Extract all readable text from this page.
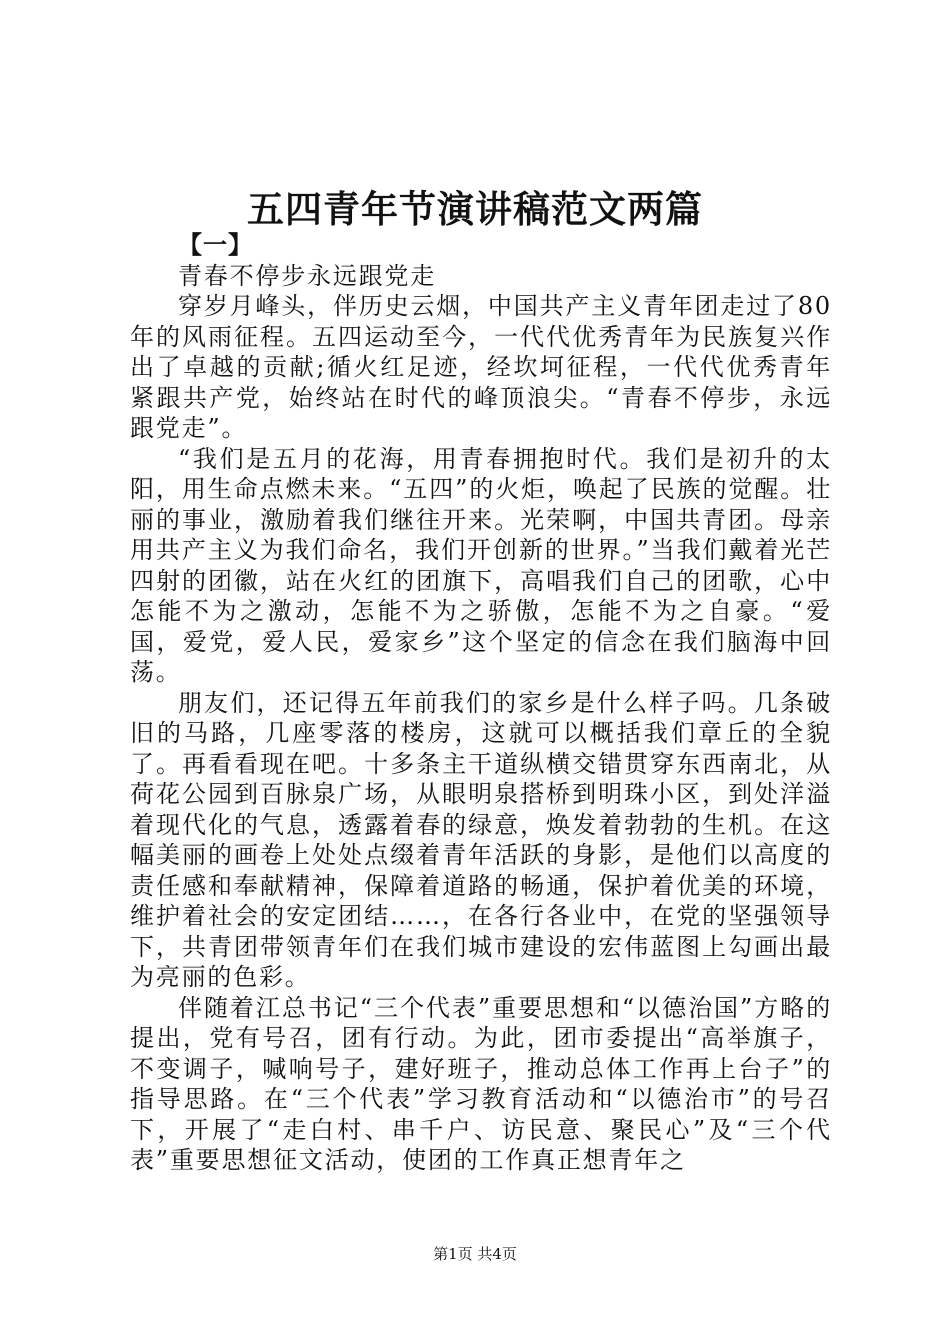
五四青年节演讲稿范文两篇

【一】

青春不停步永远跟党走

穿岁月峰头，伴历史云烟，中国共产主义青年团走过了80年的风雨征程。五四运动至今，一代代优秀青年为民族复兴作出了卓越的贡献;循火红足迹，经坎坷征程，一代代优秀青年紧跟共产党，始终站在时代的峰顶浪尖。“青春不停步，永远跟党走”。

“我们是五月的花海，用青春拥抱时代。我们是初升的太阳，用生命点燃未来。“五四”的火炬，唤起了民族的觉醒。壮丽的事业，激励着我们继往开来。光荣啊，中国共青团。母亲用共产主义为我们命名，我们开创新的世界。”当我们戴着光芒四射的团徽，站在火红的团旗下，高唱我们自己的团歌，心中怎能不为之激动，怎能不为之骄傲，怎能不为之自豪。“爱国，爱党，爱人民，爱家乡”这个坚定的信念在我们脑海中回荡。

朋友们，还记得五年前我们的家乡是什么样子吗。几条破旧的马路，几座零落的楼房，这就可以概括我们章丘的全貌了。再看看现在吧。十多条主干道纵横交错贯穿东西南北，从荷花公园到百脉泉广场，从眼明泉搭桥到明珠小区，到处洋溢着现代化的气息，透露着春的绿意，焕发着勃勃的生机。在这幅美丽的画卷上处处点缀着青年活跃的身影，是他们以高度的责任感和奉献精神，保障着道路的畅通，保护着优美的环境，维护着社会的安定团结……，在各行各业中，在党的坚强领导下，共青团带领青年们在我们城市建设的宏伟蓝图上勾画出最为亮丽的色彩。

伴随着江总书记“三个代表”重要思想和“以德治国”方略的提出，党有号召，团有行动。为此，团市委提出“高举旗子，不变调子，喊响号子，建好班子，推动总体工作再上台子”的指导思路。在“三个代表”学习教育活动和“以德治市”的号召下，开展了“走白村、串千户、访民意、聚民心”及“三个代表”重要思想征文活动，使团的工作真正想青年之

第1页 共4页
